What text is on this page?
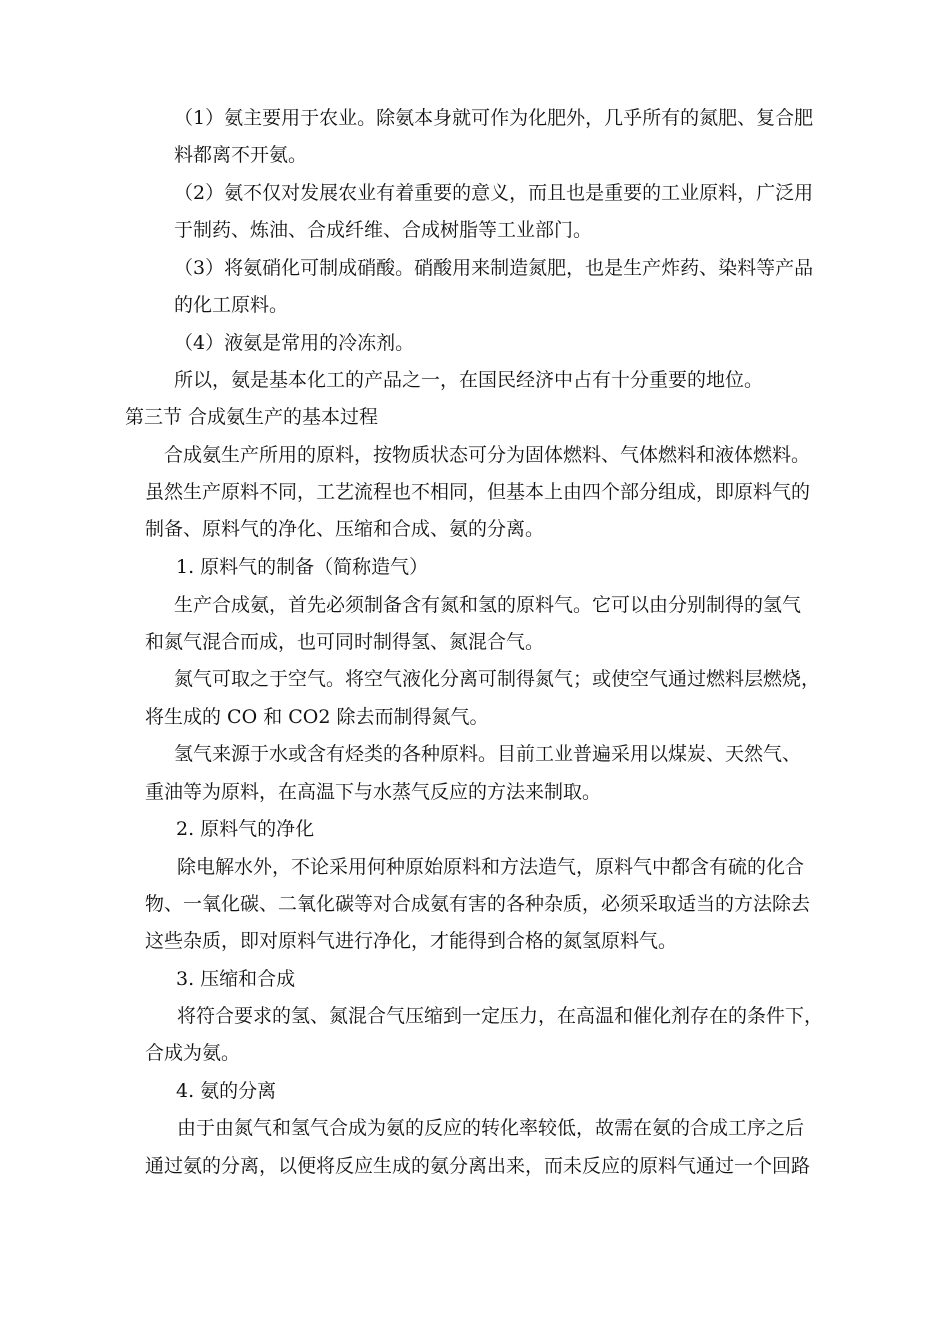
（1）氨主要用于农业。除氨本身就可作为化肥外，几乎所有的氮肥、复合肥
料都离不开氨。
（2）氨不仅对发展农业有着重要的意义，而且也是重要的工业原料，广泛用
于制药、炼油、合成纤维、合成树脂等工业部门。
（3）将氨硝化可制成硝酸。硝酸用来制造氮肥，也是生产炸药、染料等产品
的化工原料。
（4）液氨是常用的冷冻剂。
所以，氨是基本化工的产品之一，在国民经济中占有十分重要的地位。
第三节 合成氨生产的基本过程
合成氨生产所用的原料，按物质状态可分为固体燃料、气体燃料和液体燃料。
虽然生产原料不同，工艺流程也不相同，但基本上由四个部分组成，即原料气的
制备、原料气的净化、压缩和合成、氨的分离。
1. 原料气的制备（简称造气）
生产合成氨，首先必须制备含有氮和氢的原料气。它可以由分别制得的氢气
和氮气混合而成，也可同时制得氢、氮混合气。
氮气可取之于空气。将空气液化分离可制得氮气；或使空气通过燃料层燃烧，
将生成的 CO 和 CO2 除去而制得氮气。
氢气来源于水或含有烃类的各种原料。目前工业普遍采用以煤炭、天然气、
重油等为原料，在高温下与水蒸气反应的方法来制取。
2. 原料气的净化
除电解水外，不论采用何种原始原料和方法造气，原料气中都含有硫的化合
物、一氧化碳、二氧化碳等对合成氨有害的各种杂质，必须采取适当的方法除去
这些杂质，即对原料气进行净化，才能得到合格的氮氢原料气。
3. 压缩和合成
将符合要求的氢、氮混合气压缩到一定压力，在高温和催化剂存在的条件下，
合成为氨。
4. 氨的分离
由于由氮气和氢气合成为氨的反应的转化率较低，故需在氨的合成工序之后
通过氨的分离，以便将反应生成的氨分离出来，而未反应的原料气通过一个回路
